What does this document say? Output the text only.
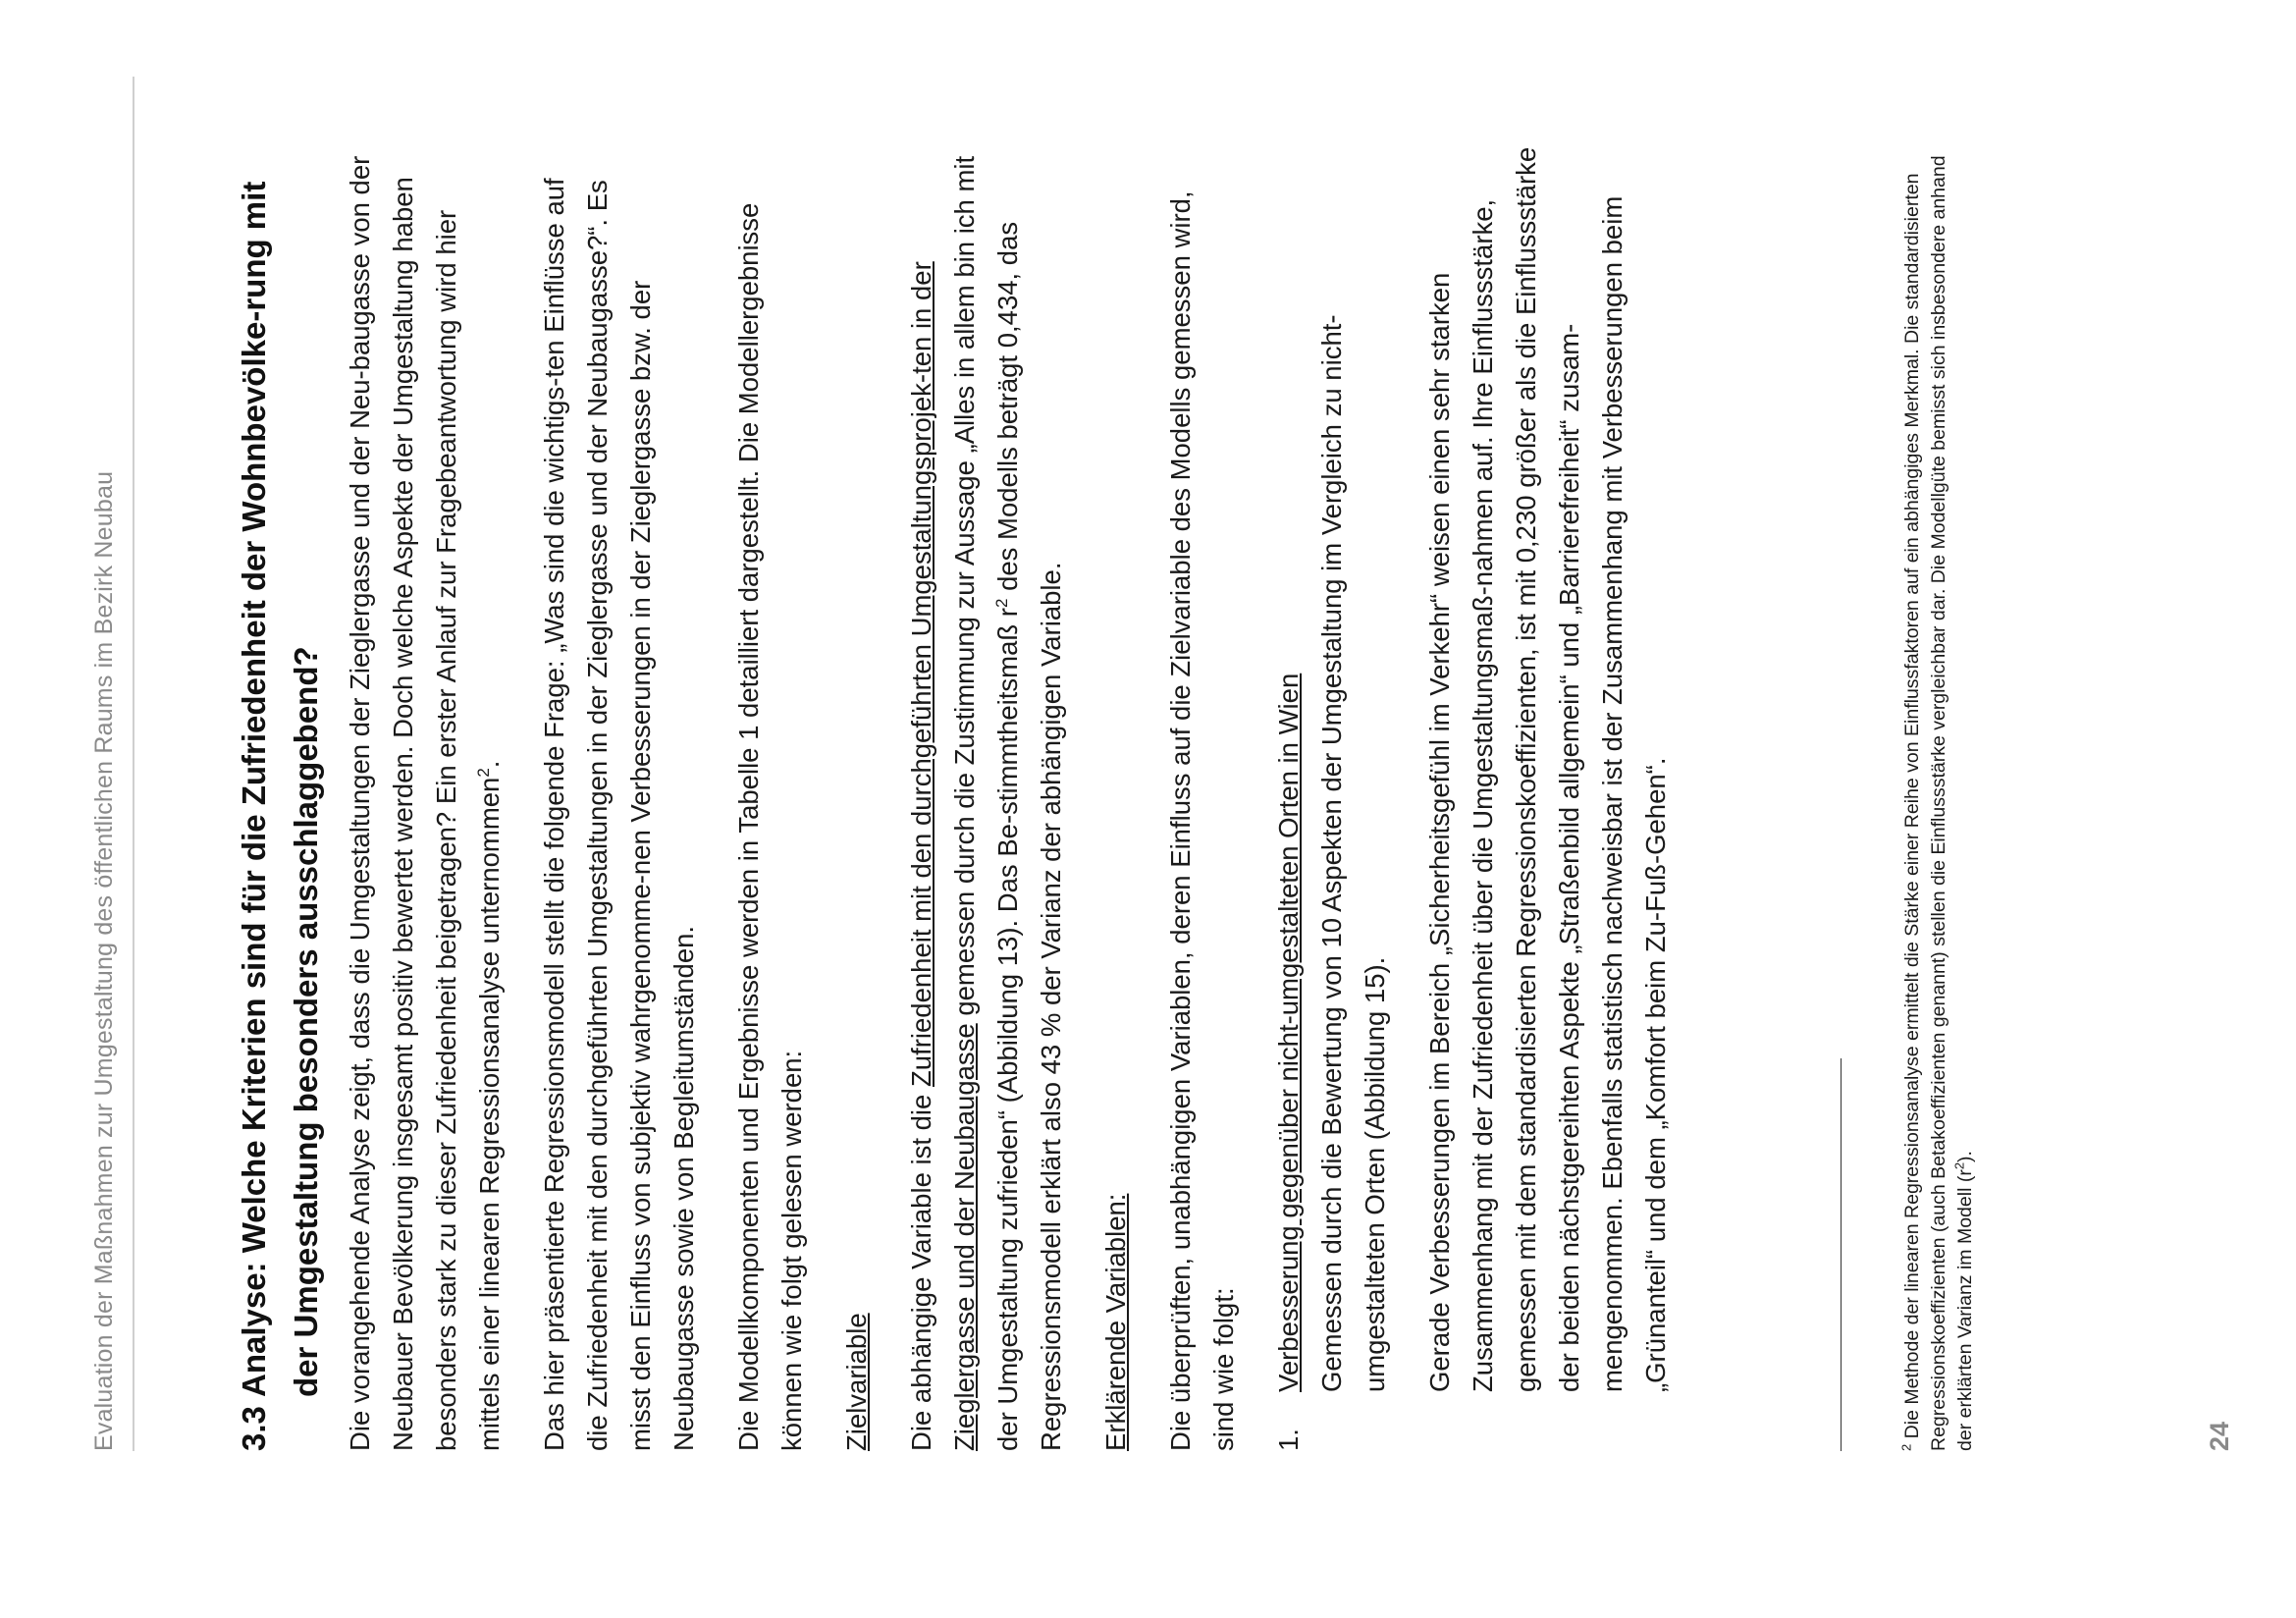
Evaluation der Maßnahmen zur Umgestaltung des öffentlichen Raums im Bezirk Neubau	3.3
Analyse: Welche Kriterien sind für die Zufriedenheit der Wohnbevölke-rung mit der Umgestaltung besonders ausschlaggebend? Die vorangehende Analyse zeigt, dass die Umgestaltungen der Zieglergasse und der Neu-baugasse von der Neubauer Bevölkerung insgesamt positiv bewertet werden. Doch welche Aspekte der Umgestaltung haben besonders stark zu dieser Zufriedenheit beigetragen? Ein erster Anlauf zur Fragebeantwortung wird hier mittels einer linearen Regressionsanalyse unternommen$^2$. Das hier präsentierte Regressionsmodell stellt die folgende Frage: „Was sind die wichtigs-ten Einflüsse auf die Zufriedenheit mit den durchgeführten Umgestaltungen in der Zieglergasse und der Neubaugasse?“. Es misst den Einfluss von subjektiv wahrgenomme-nen Verbesserungen in der Zieglergasse bzw. der Neubaugasse sowie von Begleitumständen. Die Modellkomponenten und Ergebnisse werden in Tabelle 1 detailliert dargestellt. Die Modellergebnisse können wie folgt gelesen werden: Zielvariable Die abhängige Variable ist die Zufriedenheit mit den durchgeführten Umgestaltungsprojek-ten in der Zieglergasse und der Neubaugasse gemessen durch die Zustimmung zur Aussage „Alles in allem bin ich mit der Umgestaltung zufrieden“ (Abbildung 13). Das Be-stimmtheitsmaß $r^2$ des Modells beträgt 0,434, das Regressionsmodell erklärt also 43 % der Varianz der abhängigen Variable. Erklärende Variablen: Die überprüften, unabhängigen Variablen, deren Einfluss auf die Zielvariable des Modells gemessen wird, sind wie folgt: 1.
Verbesserung gegenüber nicht-umgestalteten Orten in Wien Gemessen durch die Bewertung von 10 Aspekten der Umgestaltung im Vergleich zu nicht-umgestalteten Orten (Abbildung 15). Gerade Verbesserungen im Bereich „Sicherheitsgefühl im Verkehr“ weisen einen sehr starken Zusammenhang mit der Zufriedenheit über die Umgestaltungsmaß-nahmen auf. Ihre Einflussstärke, gemessen mit dem standardisierten Regressionskoeffizienten, ist mit 0,230 größer als die Einflussstärke der beiden nächstgereihten Aspekte „Straßenbild allgemein“ und „Barrierefreiheit“ zusam-mengenommen. Ebenfalls statistisch nachweisbar ist der Zusammenhang mit Verbesserungen beim „Grünanteil“ und dem „Komfort beim Zu-Fuß-Gehen“.

$^2$ Die Methode der linearen Regressionsanalyse ermittelt die Stärke einer Reihe von Einflussfaktoren auf ein abhängiges Merkmal. Die standardisierten Regressionskoeffizienten (auch Betakoeffizienten genannt) stellen die Einflussstärke vergleichbar dar. Die Modellgüte bemisst sich insbesondere anhand der erklärten Varianz im Modell $(r^2)$.
24
